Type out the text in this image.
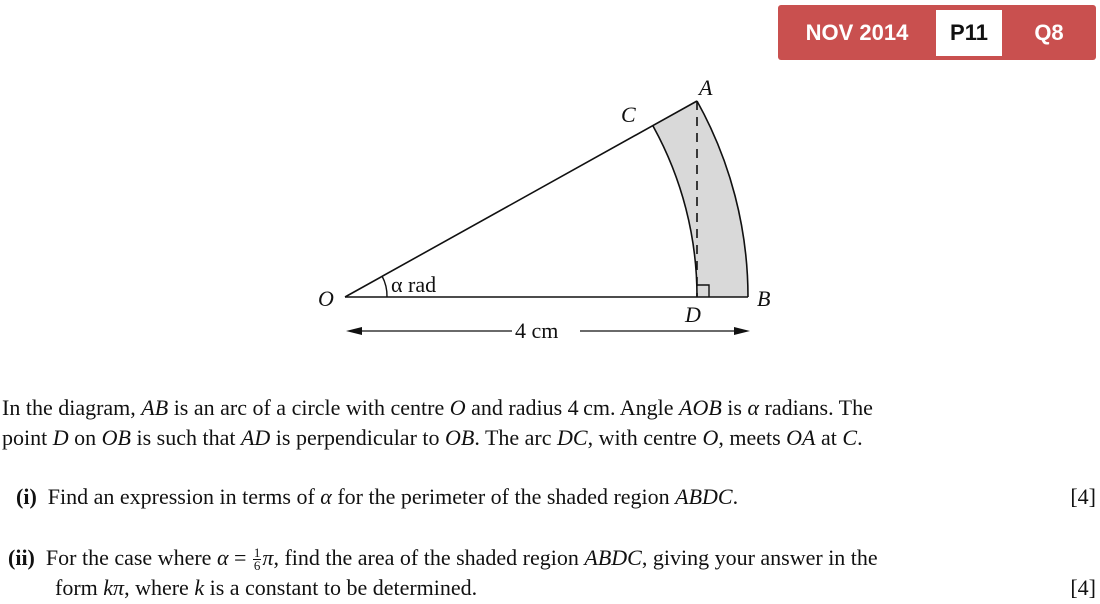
NOV 2014	P11	Q8
O
A
C
B
D
α rad
4 cm
In the diagram, AB is an arc of a circle with centre O and radius 4 cm. Angle AOB is α radians. The
point D on OB is such that AD is perpendicular to OB. The arc DC, with centre O, meets OA at C.
(i)  Find an expression in terms of α for the perimeter of the shaded region ABDC.	[4]
(ii)  For the case where $\alpha = \frac{1}{6} \pi$, find the area of the shaded region ABDC, giving your answer in the
form kπ, where k is a constant to be determined.	[4]
